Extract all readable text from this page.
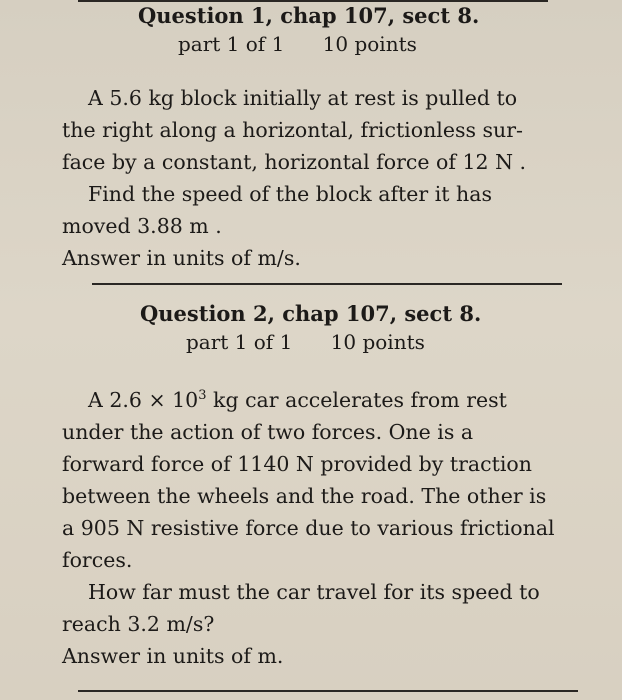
Question 1, chap 107, sect 8.
part 1 of 1 10 points

A 5.6 kg block initially at rest is pulled to

the right along a horizontal, frictionless sur-

face by a constant, horizontal force of 12 N .

Find the speed of the block after it has

moved 3.88 m .

Answer in units of m/s.

Question 2, chap 107, sect 8.
part 1 of 1 10 points

A $2.6 \times 10^3$ kg car accelerates from rest

under the action of two forces. One is a

forward force of 1140 N provided by traction

between the wheels and the road. The other is

a 905 N resistive force due to various frictional

forces.

How far must the car travel for its speed to

reach 3.2 m/s?

Answer in units of m.
